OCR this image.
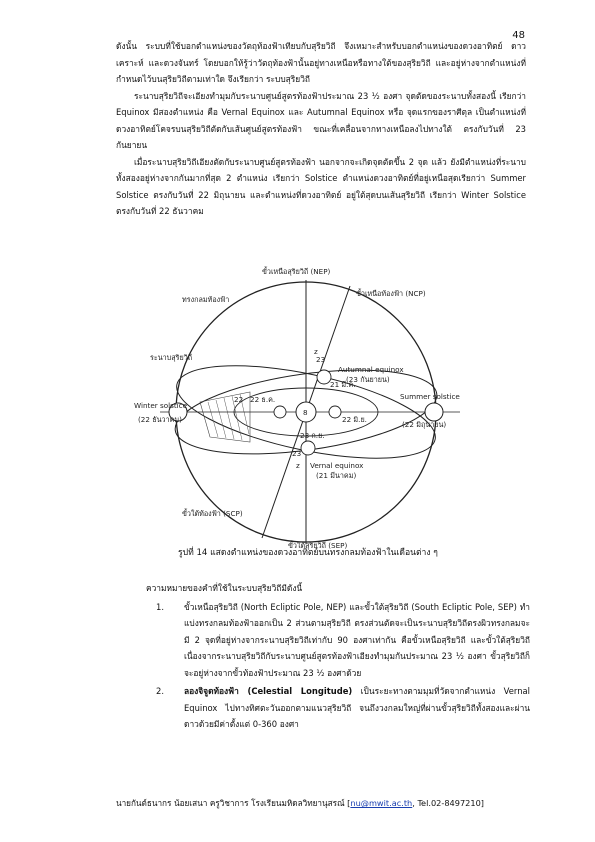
48

ดังนั้น ระบบที่ใช้บอกตำแหน่งของวัตถุท้องฟ้าเทียบกับสุริยวิถี จึงเหมาะสำหรับบอกตำแหน่งของดวงอาทิตย์ ดาวเคราะห์ และดวงจันทร์ โดยบอกให้รู้ว่าวัตถุท้องฟ้านั้นอยู่ทางเหนือหรือทางใต้ของสุริยวิถี และอยู่ห่างจากตำแหน่งที่กำหนดไว้บนสุริยวิถีตามเท่าใด จึงเรียกว่า ระบบสุริยวิถี

ระนาบสุริยวิถีจะเอียงทำมุมกับระนาบศูนย์สูตรท้องฟ้าประมาณ 23 ½ องศา จุดตัดของระนาบทั้งสองนี้ เรียกว่า Equinox มีสองตำแหน่ง คือ Vernal Equinox และ Autumnal Equinox หรือ จุดแรกของราศีตุล เป็นตำแหน่งที่ดวงอาทิตย์โคจรบนสุริยวิถีตัดกับเส้นศูนย์สูตรท้องฟ้า ขณะที่เคลื่อนจากทางเหนือลงไปทางใต้ ตรงกับวันที่ 23 กันยายน

เมื่อระนาบสุริยวิถีเอียงตัดกับระนาบศูนย์สูตรท้องฟ้า นอกจากจะเกิดจุดตัดขึ้น 2 จุด แล้ว ยังมีตำแหน่งที่ระนาบทั้งสองอยู่ห่างจากกันมากที่สุด 2 ตำแหน่ง เรียกว่า Solstice ตำแหน่งดวงอาทิตย์ที่อยู่เหนือสุดเรียกว่า Summer Solstice ตรงกับวันที่ 22 มิถุนายน และตำแหน่งที่ดวงอาทิตย์ อยู่ใต้สุดบนเส้นสุริยวิถี เรียกว่า Winter Solstice ตรงกับวันที่ 22 ธันวาคม

8
ขั้วเหนือสุริยวิถี (NEP)
ขั้วเหนือท้องฟ้า (NCP)
ทรงกลมท้องฟ้า
ระนาบสุริยวิถี
Autumnal equinox
(23 กันยายน)
Winter solstice
(22 ธันวาคม)
Summer solstice
(22 มิถุนายน)
Vernal equinox
(21 มีนาคม)
ขั้วใต้ท้องฟ้า (SCP)
ขั้วใต้สุริยวิถี (SEP)
22 ธ.ค.
21 มี.ค.
22 มิ.ย.
23 ก.ย.
23
23
22
z
z
รูปที่ 14 แสดงตำแหน่งของดวงอาทิตย์บนทรงกลมท้องฟ้าในเดือนต่าง ๆ

ความหมายของคำที่ใช้ในระบบสุริยวิถีมีดังนี้

1.	ขั้วเหนือสุริยวิถี (North Ecliptic Pole, NEP) และขั้วใต้สุริยวิถี (South Ecliptic Pole, SEP) ทำแบ่งทรงกลมท้องฟ้าออกเป็น 2 ส่วนตามสุริยวิถี ตรงส่วนตัดจะเป็นระนาบสุริยวิถีตรงผิวทรงกลมจะมี 2 จุดที่อยู่ห่างจากระนาบสุริยวิถีเท่ากับ 90 องศาเท่ากัน คือขั้วเหนือสุริยวิถี และขั้วใต้สุริยวิถี เนื่องจากระนาบสุริยวิถีกับระนาบศูนย์สูตรท้องฟ้าเอียงทำมุมกันประมาณ 23 ½ องศา ขั้วสุริยวิถีก็จะอยู่ห่างจากขั้วท้องฟ้าประมาณ 23 ½ องศาด้วย
2.	ลองจิจูดท้องฟ้า (Celestial Longitude) เป็นระยะทางตามมุมที่วัดจากตำแหน่ง Vernal Equinox ไปทางทิศตะวันออกตามแนวสุริยวิถี จนถึงวงกลมใหญ่ที่ผ่านขั้วสุริยวิถีทั้งสองและผ่านดาวด้วยมีค่าตั้งแต่ 0-360 องศา
นายกันต์ธนากร น้อยเสนา ครูวิชาการ โรงเรียนมหิดลวิทยานุสรณ์ [nu@mwit.ac.th, Tel.02-8497210]
